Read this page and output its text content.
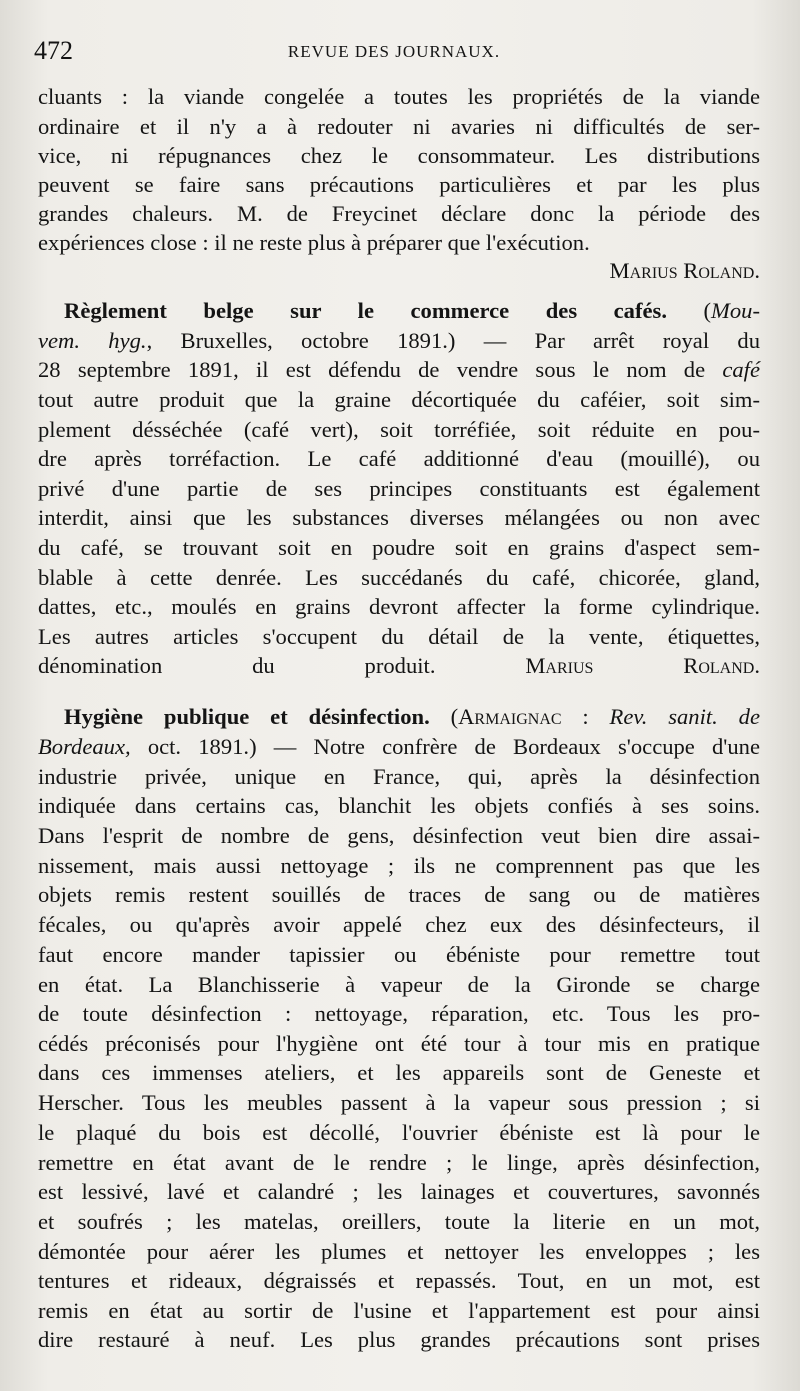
472	REVUE DES JOURNAUX.
cluants : la viande congelée a toutes les propriétés de la viande
ordinaire et il n'y a à redouter ni avaries ni difficultés de ser-
vice, ni répugnances chez le consommateur. Les distributions
peuvent se faire sans précautions particulières et par les plus
grandes chaleurs. M. de Freycinet déclare donc la période des
expériences close : il ne reste plus à préparer que l'exécution.
Marius Roland.
Règlement belge sur le commerce des cafés. (Mou-
vem. hyg., Bruxelles, octobre 1891.) — Par arrêt royal du
28 septembre 1891, il est défendu de vendre sous le nom de café
tout autre produit que la graine décortiquée du caféier, soit sim-
plement désséchée (café vert), soit torréfiée, soit réduite en pou-
dre après torréfaction. Le café additionné d'eau (mouillé), ou
privé d'une partie de ses principes constituants est également
interdit, ainsi que les substances diverses mélangées ou non avec
du café, se trouvant soit en poudre soit en grains d'aspect sem-
blable à cette denrée. Les succédanés du café, chicorée, gland,
dattes, etc., moulés en grains devront affecter la forme cylindrique.
Les autres articles s'occupent du détail de la vente, étiquettes,
dénomination du produit. Marius Roland.
Hygiène publique et désinfection. (Armaignac : Rev. sanit. de
Bordeaux, oct. 1891.) — Notre confrère de Bordeaux s'occupe d'une
industrie privée, unique en France, qui, après la désinfection
indiquée dans certains cas, blanchit les objets confiés à ses soins.
Dans l'esprit de nombre de gens, désinfection veut bien dire assai-
nissement, mais aussi nettoyage ; ils ne comprennent pas que les
objets remis restent souillés de traces de sang ou de matières
fécales, ou qu'après avoir appelé chez eux des désinfecteurs, il
faut encore mander tapissier ou ébéniste pour remettre tout
en état. La Blanchisserie à vapeur de la Gironde se charge
de toute désinfection : nettoyage, réparation, etc. Tous les pro-
cédés préconisés pour l'hygiène ont été tour à tour mis en pratique
dans ces immenses ateliers, et les appareils sont de Geneste et
Herscher. Tous les meubles passent à la vapeur sous pression ; si
le plaqué du bois est décollé, l'ouvrier ébéniste est là pour le
remettre en état avant de le rendre ; le linge, après désinfection,
est lessivé, lavé et calandré ; les lainages et couvertures, savonnés
et soufrés ; les matelas, oreillers, toute la literie en un mot,
démontée pour aérer les plumes et nettoyer les enveloppes ; les
tentures et rideaux, dégraissés et repassés. Tout, en un mot, est
remis en état au sortir de l'usine et l'appartement est pour ainsi
dire restauré à neuf. Les plus grandes précautions sont prises
